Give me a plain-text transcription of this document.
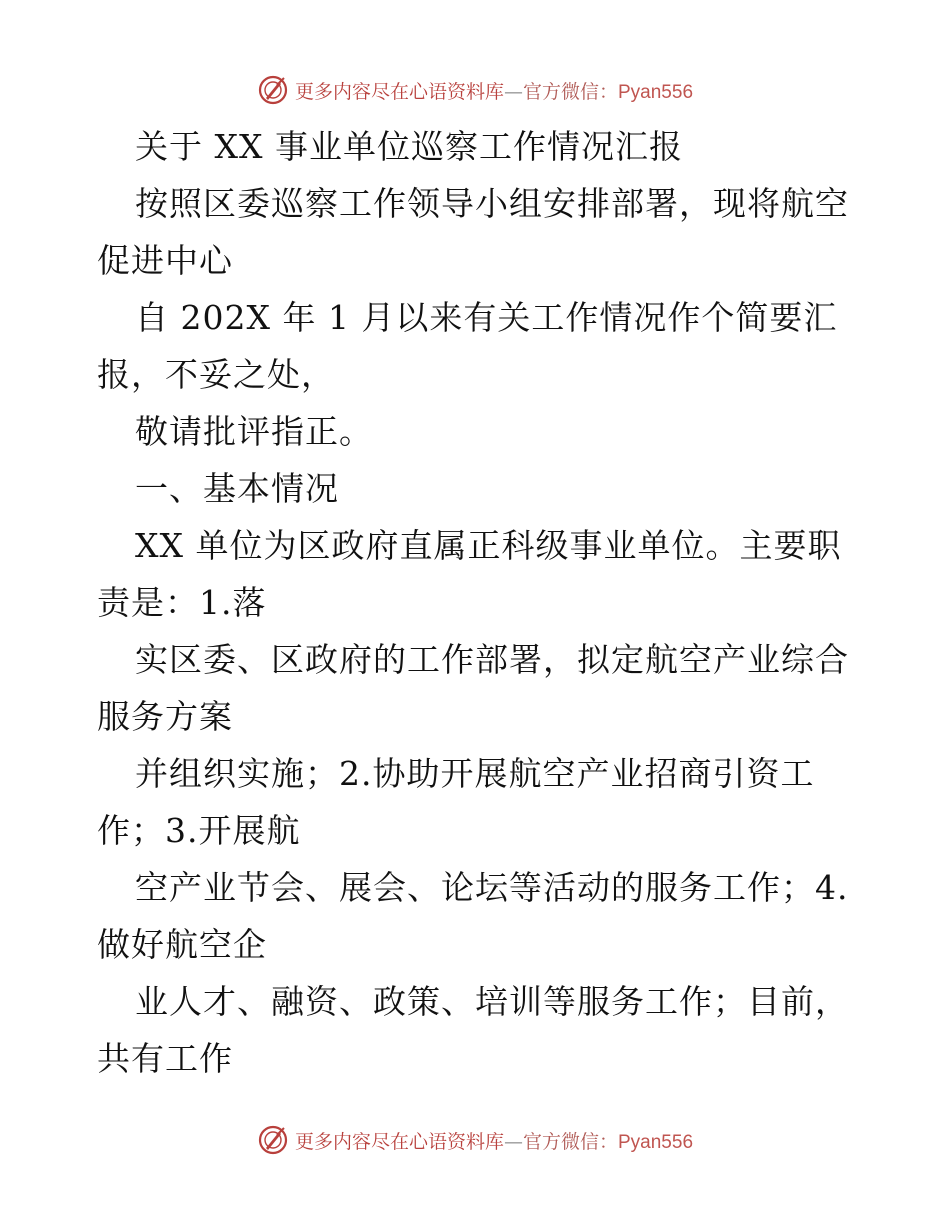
更多内容尽在心语资料库—官方微信：Pyan556
关于 XX 事业单位巡察工作情况汇报
按照区委巡察工作领导小组安排部署，现将航空
促进中心
自 202X 年 1 月以来有关工作情况作个简要汇
报，不妥之处，
敬请批评指正。
一、基本情况
XX 单位为区政府直属正科级事业单位。主要职
责是：1.落
实区委、区政府的工作部署，拟定航空产业综合
服务方案
并组织实施；2.协助开展航空产业招商引资工
作；3.开展航
空产业节会、展会、论坛等活动的服务工作；4.
做好航空企
业人才、融资、政策、培训等服务工作；目前，
共有工作
更多内容尽在心语资料库—官方微信：Pyan556
